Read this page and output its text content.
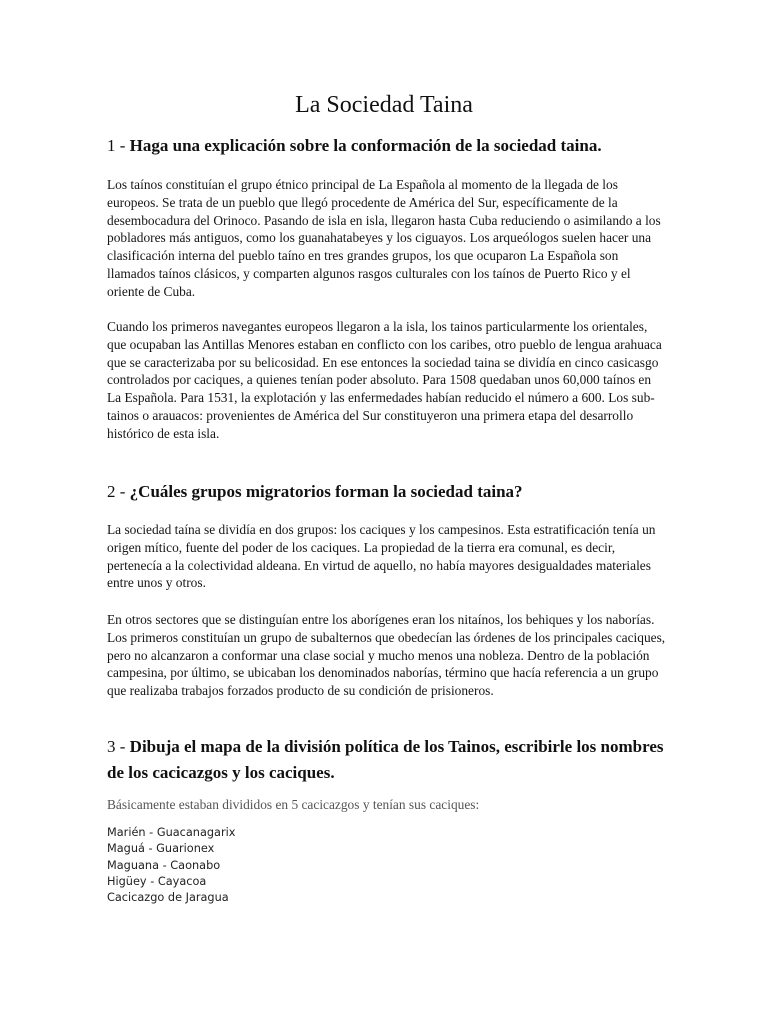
La Sociedad Taina
1 - Haga una explicación sobre la conformación de la sociedad taina.

Los taínos constituían el grupo étnico principal de La Española al momento de la llegada de los europeos. Se trata de un pueblo que llegó procedente de América del Sur, específicamente de la desembocadura del Orinoco. Pasando de isla en isla, llegaron hasta Cuba reduciendo o asimilando a los pobladores más antiguos, como los guanahatabeyes y los ciguayos. Los arqueólogos suelen hacer una clasificación interna del pueblo taíno en tres grandes grupos, los que ocuparon La Española son llamados taínos clásicos, y comparten algunos rasgos culturales con los taínos de Puerto Rico y el oriente de Cuba.

Cuando los primeros navegantes europeos llegaron a la isla, los tainos particularmente los orientales, que ocupaban las Antillas Menores estaban en conflicto con los caribes, otro pueblo de lengua arahuaca que se caracterizaba por su belicosidad. En ese entonces la sociedad taina se dividía en cinco casicasgo controlados por caciques, a quienes tenían poder absoluto. Para 1508 quedaban unos 60,000 taínos en La Española. Para 1531, la explotación y las enfermedades habían reducido el número a 600. Los sub-tainos o arauacos: provenientes de América del Sur constituyeron una primera etapa del desarrollo histórico de esta isla.

2 - ¿Cuáles grupos migratorios forman la sociedad taina?

La sociedad taína se dividía en dos grupos: los caciques y los campesinos. Esta estratificación tenía un origen mítico, fuente del poder de los caciques. La propiedad de la tierra era comunal, es decir, pertenecía a la colectividad aldeana. En virtud de aquello, no había mayores desigualdades materiales entre unos y otros.

En otros sectores que se distinguían entre los aborígenes eran los nitaínos, los behiques y los naborías. Los primeros constituían un grupo de subalternos que obedecían las órdenes de los principales caciques, pero no alcanzaron a conformar una clase social y mucho menos una nobleza. Dentro de la población campesina, por último, se ubicaban los denominados naborías, término que hacía referencia a un grupo que realizaba trabajos forzados producto de su condición de prisioneros.

3 - Dibuja el mapa de la división política de los Tainos, escribirle los nombres de los cacicazgos y los caciques.

Básicamente estaban divididos en 5 cacicazgos y tenían sus caciques:

Marién - Guacanagarix
Maguá - Guarionex
Maguana - Caonabo
Higüey - Cayacoa
Cacicazgo de Jaragua
